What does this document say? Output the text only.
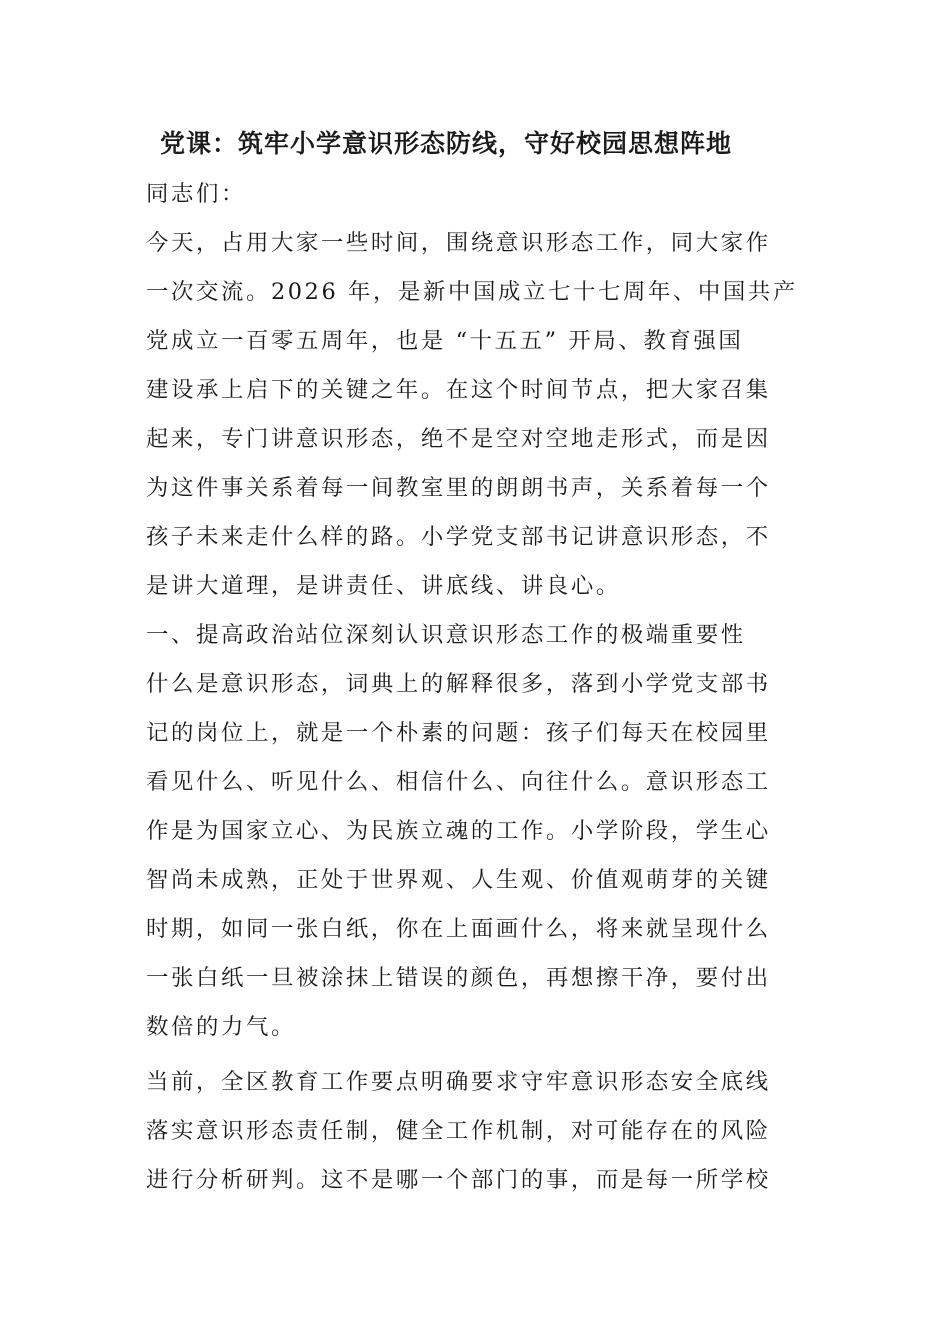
党课：筑牢小学意识形态防线，守好校园思想阵地
同志们：
今天，占用大家一些时间，围绕意识形态工作，同大家作
一次交流。2026 年，是新中国成立七十七周年、中国共产
党成立一百零五周年，也是 “十五五” 开局、教育强国
建设承上启下的关键之年。在这个时间节点，把大家召集
起来，专门讲意识形态，绝不是空对空地走形式，而是因
为这件事关系着每一间教室里的朗朗书声，关系着每一个
孩子未来走什么样的路。小学党支部书记讲意识形态，不
是讲大道理，是讲责任、讲底线、讲良心。
一、提高政治站位深刻认识意识形态工作的极端重要性
什么是意识形态，词典上的解释很多，落到小学党支部书
记的岗位上，就是一个朴素的问题：孩子们每天在校园里
看见什么、听见什么、相信什么、向往什么。意识形态工
作是为国家立心、为民族立魂的工作。小学阶段，学生心
智尚未成熟，正处于世界观、人生观、价值观萌芽的关键
时期，如同一张白纸，你在上面画什么，将来就呈现什么
一张白纸一旦被涂抹上错误的颜色，再想擦干净，要付出
数倍的力气。
当前，全区教育工作要点明确要求守牢意识形态安全底线
落实意识形态责任制，健全工作机制，对可能存在的风险
进行分析研判。这不是哪一个部门的事，而是每一所学校
